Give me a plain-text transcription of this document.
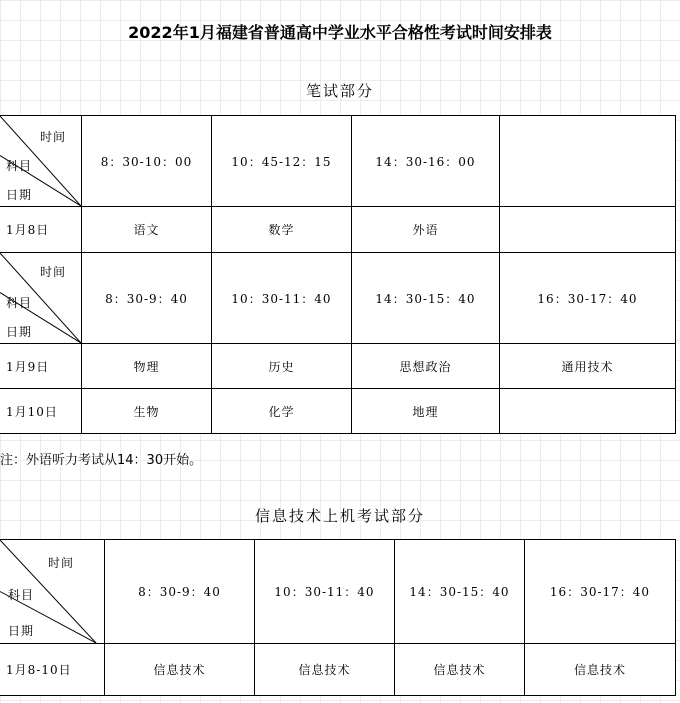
2022年1月福建省普通高中学业水平合格性考试时间安排表
笔试部分
时间
科目
日期	8：30-10：00	10：45-12：15	14：30-16：00	
1月8日	语文	数学	外语	

时间
科目
日期	8：30-9：40	10：30-11：40	14：30-15：40	16：30-17：40
1月9日	物理	历史	思想政治	通用技术
1月10日	生物	化学	地理	
注：外语听力考试从14：30开始。
信息技术上机考试部分
时间
科目
日期	8：30-9：40	10：30-11：40	14：30-15：40	16：30-17：40
1月8-10日	信息技术	信息技术	信息技术	信息技术
